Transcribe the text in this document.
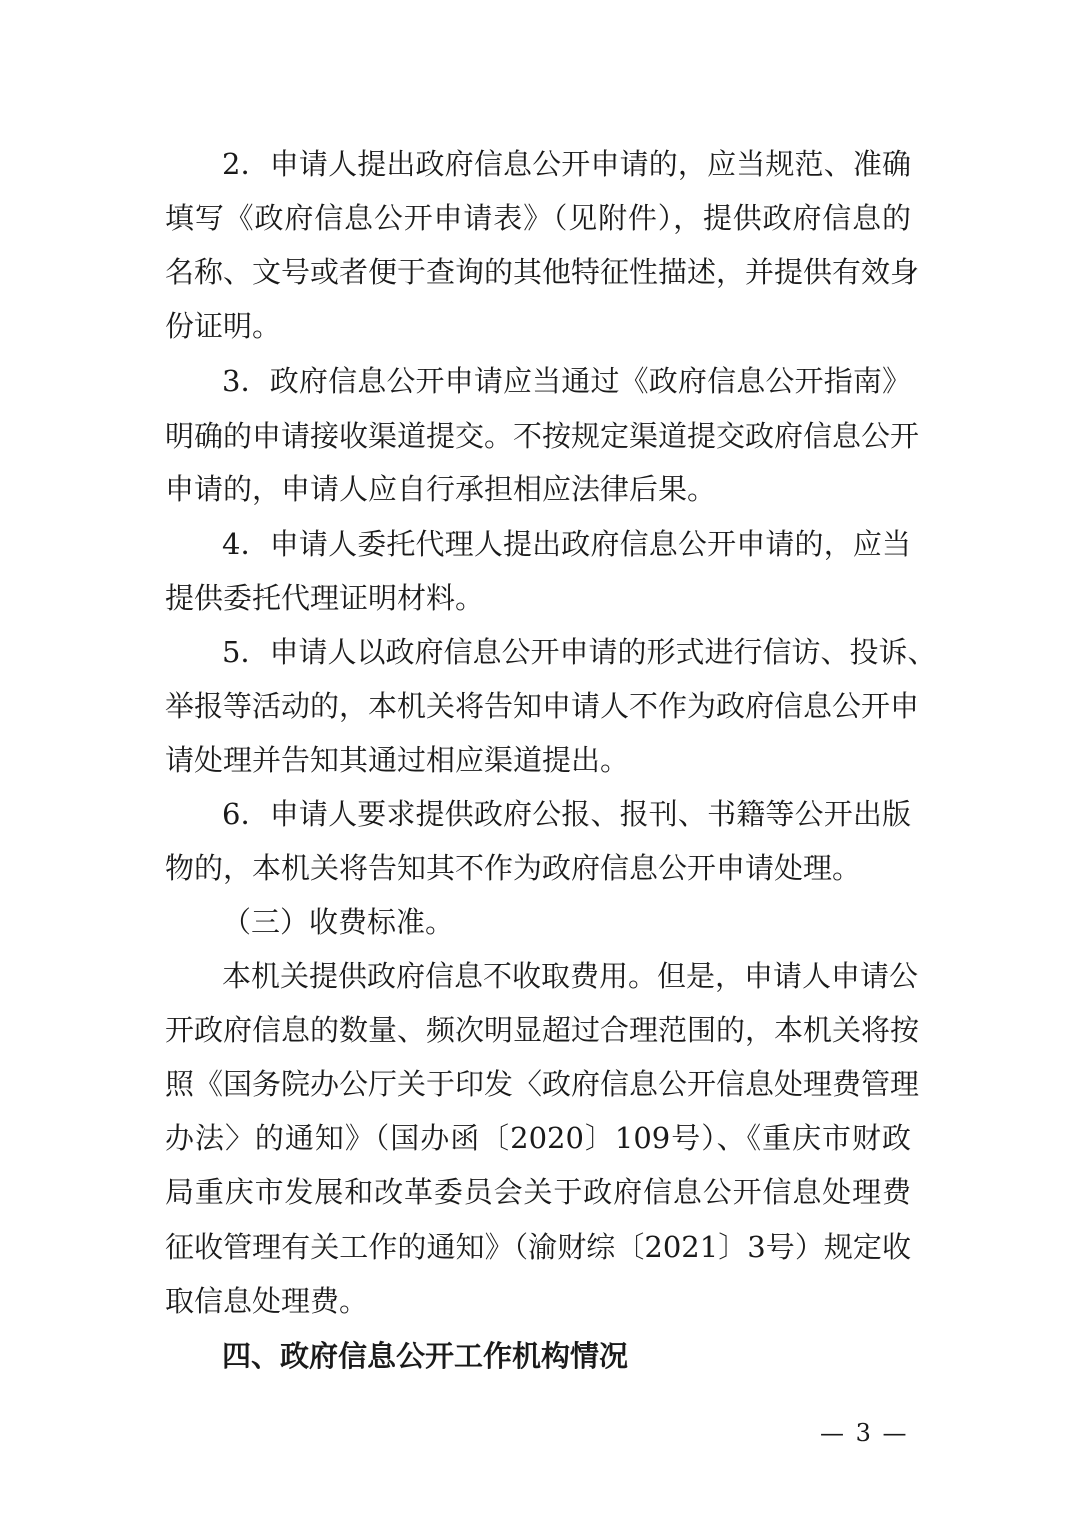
2．申请人提出政府信息公开申请的，应当规范、准确
填写《政府信息公开申请表》（见附件），提供政府信息的
名称、文号或者便于查询的其他特征性描述，并提供有效身
份证明。
3．政府信息公开申请应当通过《政府信息公开指南》
明确的申请接收渠道提交。不按规定渠道提交政府信息公开
申请的，申请人应自行承担相应法律后果。
4．申请人委托代理人提出政府信息公开申请的，应当
提供委托代理证明材料。
5．申请人以政府信息公开申请的形式进行信访、投诉、
举报等活动的，本机关将告知申请人不作为政府信息公开申
请处理并告知其通过相应渠道提出。
6．申请人要求提供政府公报、报刊、书籍等公开出版
物的，本机关将告知其不作为政府信息公开申请处理。
（三）收费标准。
本机关提供政府信息不收取费用。但是，申请人申请公
开政府信息的数量、频次明显超过合理范围的，本机关将按
照《国务院办公厅关于印发〈政府信息公开信息处理费管理
办法〉的通知》（国办函〔2020〕109号）、《重庆市财政
局重庆市发展和改革委员会关于政府信息公开信息处理费
征收管理有关工作的通知》（渝财综〔2021〕3号）规定收
取信息处理费。
四、政府信息公开工作机构情况
— 3 —
